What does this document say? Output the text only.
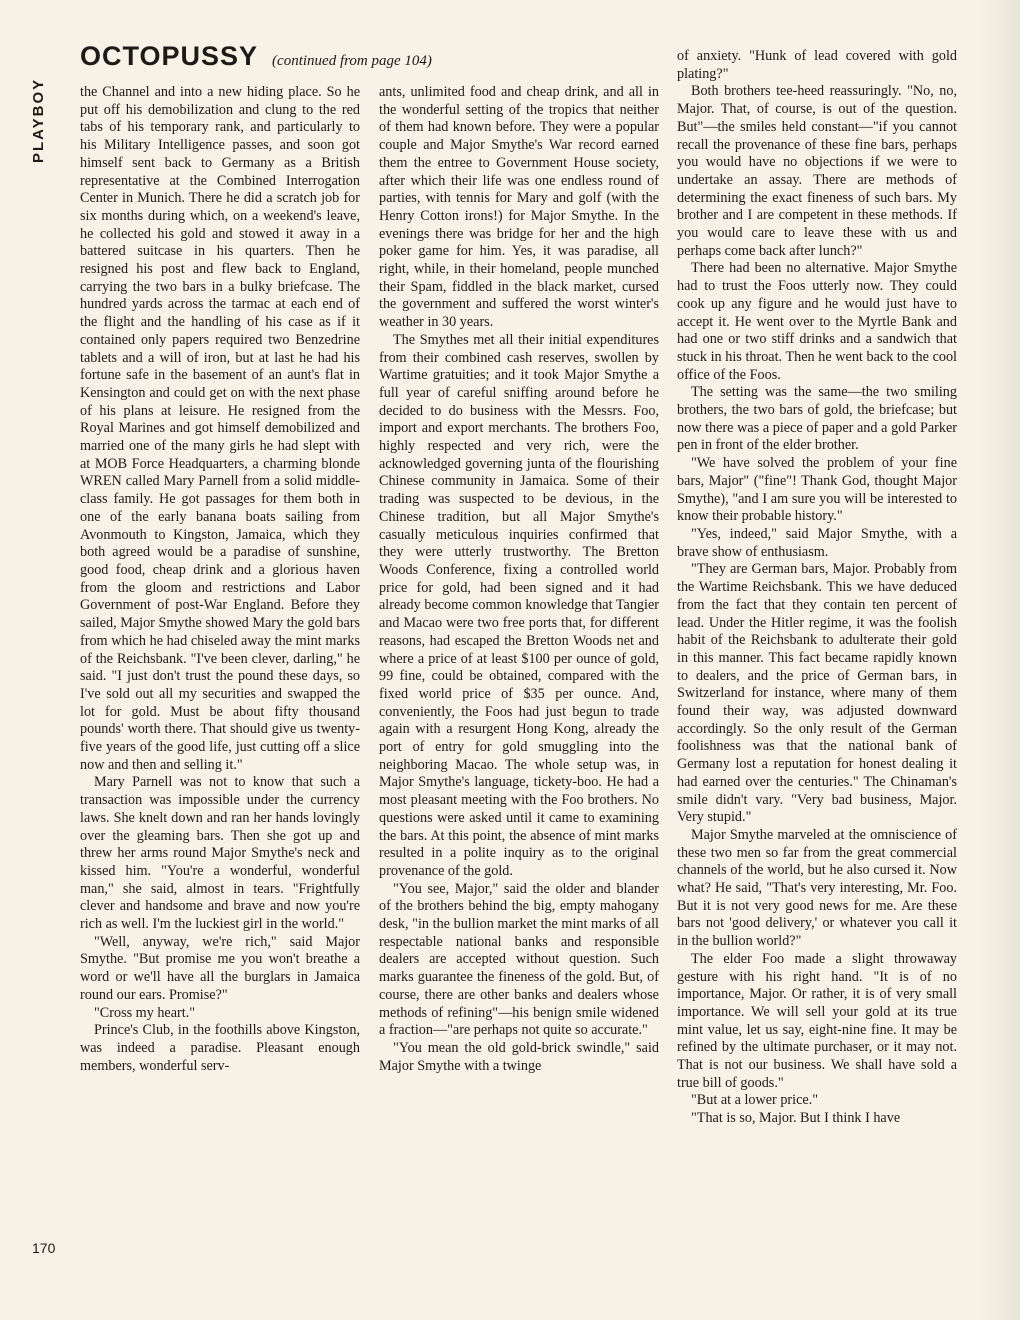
PLAYBOY
OCTOPUSSY (continued from page 104)

the Channel and into a new hiding place. So he put off his demobilization and clung to the red tabs of his temporary rank, and particularly to his Military Intelligence passes, and soon got himself sent back to Germany as a British representative at the Combined Interrogation Center in Munich. There he did a scratch job for six months during which, on a weekend's leave, he collected his gold and stowed it away in a battered suitcase in his quarters. Then he resigned his post and flew back to England, carrying the two bars in a bulky briefcase. The hundred yards across the tarmac at each end of the flight and the handling of his case as if it contained only papers required two Benzedrine tablets and a will of iron, but at last he had his fortune safe in the basement of an aunt's flat in Kensington and could get on with the next phase of his plans at leisure. He resigned from the Royal Marines and got himself demobilized and married one of the many girls he had slept with at MOB Force Headquarters, a charming blonde WREN called Mary Parnell from a solid middle-class family. He got passages for them both in one of the early banana boats sailing from Avonmouth to Kingston, Jamaica, which they both agreed would be a paradise of sunshine, good food, cheap drink and a glorious haven from the gloom and restrictions and Labor Government of post-War England. Before they sailed, Major Smythe showed Mary the gold bars from which he had chiseled away the mint marks of the Reichsbank. "I've been clever, darling," he said. "I just don't trust the pound these days, so I've sold out all my securities and swapped the lot for gold. Must be about fifty thousand pounds' worth there. That should give us twenty-five years of the good life, just cutting off a slice now and then and selling it."

Mary Parnell was not to know that such a transaction was impossible under the currency laws. She knelt down and ran her hands lovingly over the gleaming bars. Then she got up and threw her arms round Major Smythe's neck and kissed him. "You're a wonderful, wonderful man," she said, almost in tears. "Frightfully clever and handsome and brave and now you're rich as well. I'm the luckiest girl in the world."

"Well, anyway, we're rich," said Major Smythe. "But promise me you won't breathe a word or we'll have all the burglars in Jamaica round our ears. Promise?"

"Cross my heart."

Prince's Club, in the foothills above Kingston, was indeed a paradise. Pleasant enough members, wonderful serv-

ants, unlimited food and cheap drink, and all in the wonderful setting of the tropics that neither of them had known before. They were a popular couple and Major Smythe's War record earned them the entree to Government House society, after which their life was one endless round of parties, with tennis for Mary and golf (with the Henry Cotton irons!) for Major Smythe. In the evenings there was bridge for her and the high poker game for him. Yes, it was paradise, all right, while, in their homeland, people munched their Spam, fiddled in the black market, cursed the government and suffered the worst winter's weather in 30 years.

The Smythes met all their initial expenditures from their combined cash reserves, swollen by Wartime gratuities; and it took Major Smythe a full year of careful sniffing around before he decided to do business with the Messrs. Foo, import and export merchants. The brothers Foo, highly respected and very rich, were the acknowledged governing junta of the flourishing Chinese community in Jamaica. Some of their trading was suspected to be devious, in the Chinese tradition, but all Major Smythe's casually meticulous inquiries confirmed that they were utterly trustworthy. The Bretton Woods Conference, fixing a controlled world price for gold, had been signed and it had already become common knowledge that Tangier and Macao were two free ports that, for different reasons, had escaped the Bretton Woods net and where a price of at least $100 per ounce of gold, 99 fine, could be obtained, compared with the fixed world price of $35 per ounce. And, conveniently, the Foos had just begun to trade again with a resurgent Hong Kong, already the port of entry for gold smuggling into the neighboring Macao. The whole setup was, in Major Smythe's language, tickety-boo. He had a most pleasant meeting with the Foo brothers. No questions were asked until it came to examining the bars. At this point, the absence of mint marks resulted in a polite inquiry as to the original provenance of the gold.

"You see, Major," said the older and blander of the brothers behind the big, empty mahogany desk, "in the bullion market the mint marks of all respectable national banks and responsible dealers are accepted without question. Such marks guarantee the fineness of the gold. But, of course, there are other banks and dealers whose methods of refining"—his benign smile widened a fraction—"are perhaps not quite so accurate."

"You mean the old gold-brick swindle," said Major Smythe with a twinge

of anxiety. "Hunk of lead covered with gold plating?"

Both brothers tee-heed reassuringly. "No, no, Major. That, of course, is out of the question. But"—the smiles held constant—"if you cannot recall the provenance of these fine bars, perhaps you would have no objections if we were to undertake an assay. There are methods of determining the exact fineness of such bars. My brother and I are competent in these methods. If you would care to leave these with us and perhaps come back after lunch?"

There had been no alternative. Major Smythe had to trust the Foos utterly now. They could cook up any figure and he would just have to accept it. He went over to the Myrtle Bank and had one or two stiff drinks and a sandwich that stuck in his throat. Then he went back to the cool office of the Foos.

The setting was the same—the two smiling brothers, the two bars of gold, the briefcase; but now there was a piece of paper and a gold Parker pen in front of the elder brother.

"We have solved the problem of your fine bars, Major" ("fine"! Thank God, thought Major Smythe), "and I am sure you will be interested to know their probable history."

"Yes, indeed," said Major Smythe, with a brave show of enthusiasm.

"They are German bars, Major. Probably from the Wartime Reichsbank. This we have deduced from the fact that they contain ten percent of lead. Under the Hitler regime, it was the foolish habit of the Reichsbank to adulterate their gold in this manner. This fact became rapidly known to dealers, and the price of German bars, in Switzerland for instance, where many of them found their way, was adjusted downward accordingly. So the only result of the German foolishness was that the national bank of Germany lost a reputation for honest dealing it had earned over the centuries." The Chinaman's smile didn't vary. "Very bad business, Major. Very stupid."

Major Smythe marveled at the omniscience of these two men so far from the great commercial channels of the world, but he also cursed it. Now what? He said, "That's very interesting, Mr. Foo. But it is not very good news for me. Are these bars not 'good delivery,' or whatever you call it in the bullion world?"

The elder Foo made a slight throwaway gesture with his right hand. "It is of no importance, Major. Or rather, it is of very small importance. We will sell your gold at its true mint value, let us say, eight-nine fine. It may be refined by the ultimate purchaser, or it may not. That is not our business. We shall have sold a true bill of goods."

"But at a lower price."

"That is so, Major. But I think I have

170
